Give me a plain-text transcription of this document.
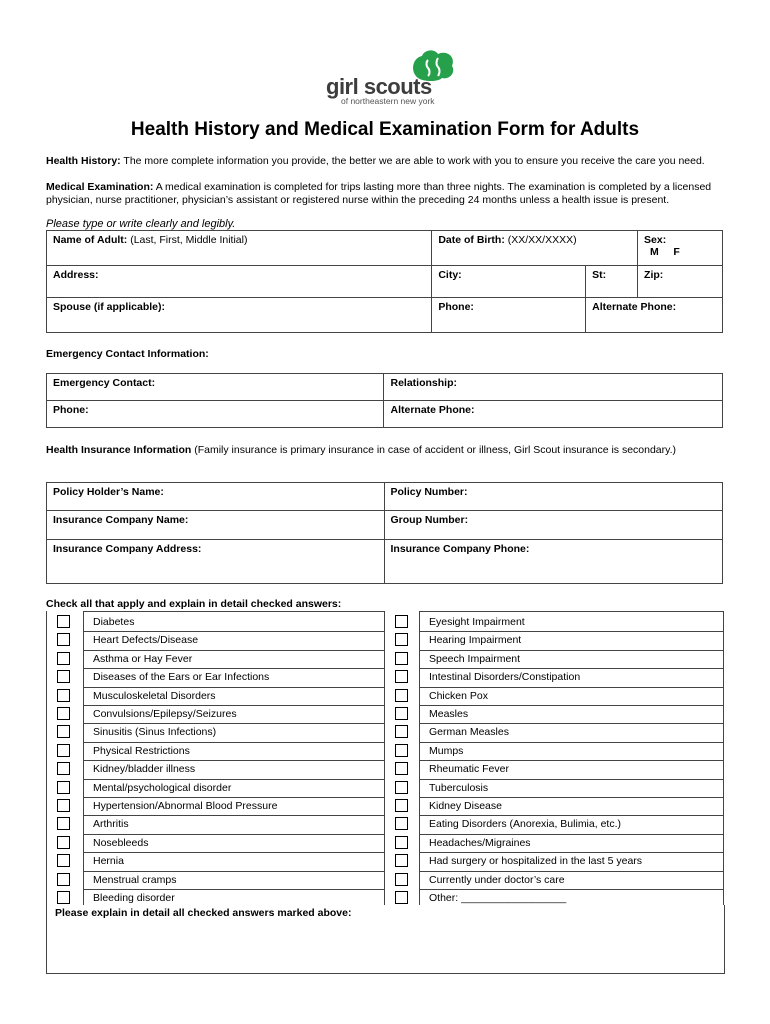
girl scouts
of northeastern new york
Health History and Medical Examination Form for Adults
Health History: The more complete information you provide, the better we are able to work with you to ensure you receive the care you need.
Medical Examination: A medical examination is completed for trips lasting more than three nights. The examination is completed by a licensed physician, nurse practitioner, physician’s assistant or registered nurse within the preceding 24 months unless a health issue is present.
Please type or write clearly and legibly.
Name of Adult: (Last, First, Middle Initial)	Date of Birth: (XX/XX/XXXX)		Sex:
M     F
Address:	City:	St:	Zip:
Spouse (if applicable):	Phone:	Alternate Phone:	
Emergency Contact Information:
Emergency Contact:	Relationship:
Phone:	Alternate Phone:
Health Insurance Information (Family insurance is primary insurance in case of accident or illness, Girl Scout insurance is secondary.)
Policy Holder’s Name:	Policy Number:
Insurance Company Name:	Group Number:
Insurance Company Address:	Insurance Company Phone:
Check all that apply and explain in detail checked answers:
Diabetes
Heart Defects/Disease
Asthma or Hay Fever
Diseases of the Ears or Ear Infections
Musculoskeletal Disorders
Convulsions/Epilepsy/Seizures
Sinusitis (Sinus Infections)
Physical Restrictions
Kidney/bladder illness
Mental/psychological disorder
Hypertension/Abnormal Blood Pressure
Arthritis
Nosebleeds
Hernia
Menstrual cramps
Bleeding disorder
Eyesight Impairment
Hearing Impairment
Speech Impairment
Intestinal Disorders/Constipation
Chicken Pox
Measles
German Measles
Mumps
Rheumatic Fever
Tuberculosis
Kidney Disease
Eating Disorders (Anorexia, Bulimia, etc.)
Headaches/Migraines
Had surgery or hospitalized in the last 5 years
Currently under doctor’s care
Other: __________________
Please explain in detail all checked answers marked above:
